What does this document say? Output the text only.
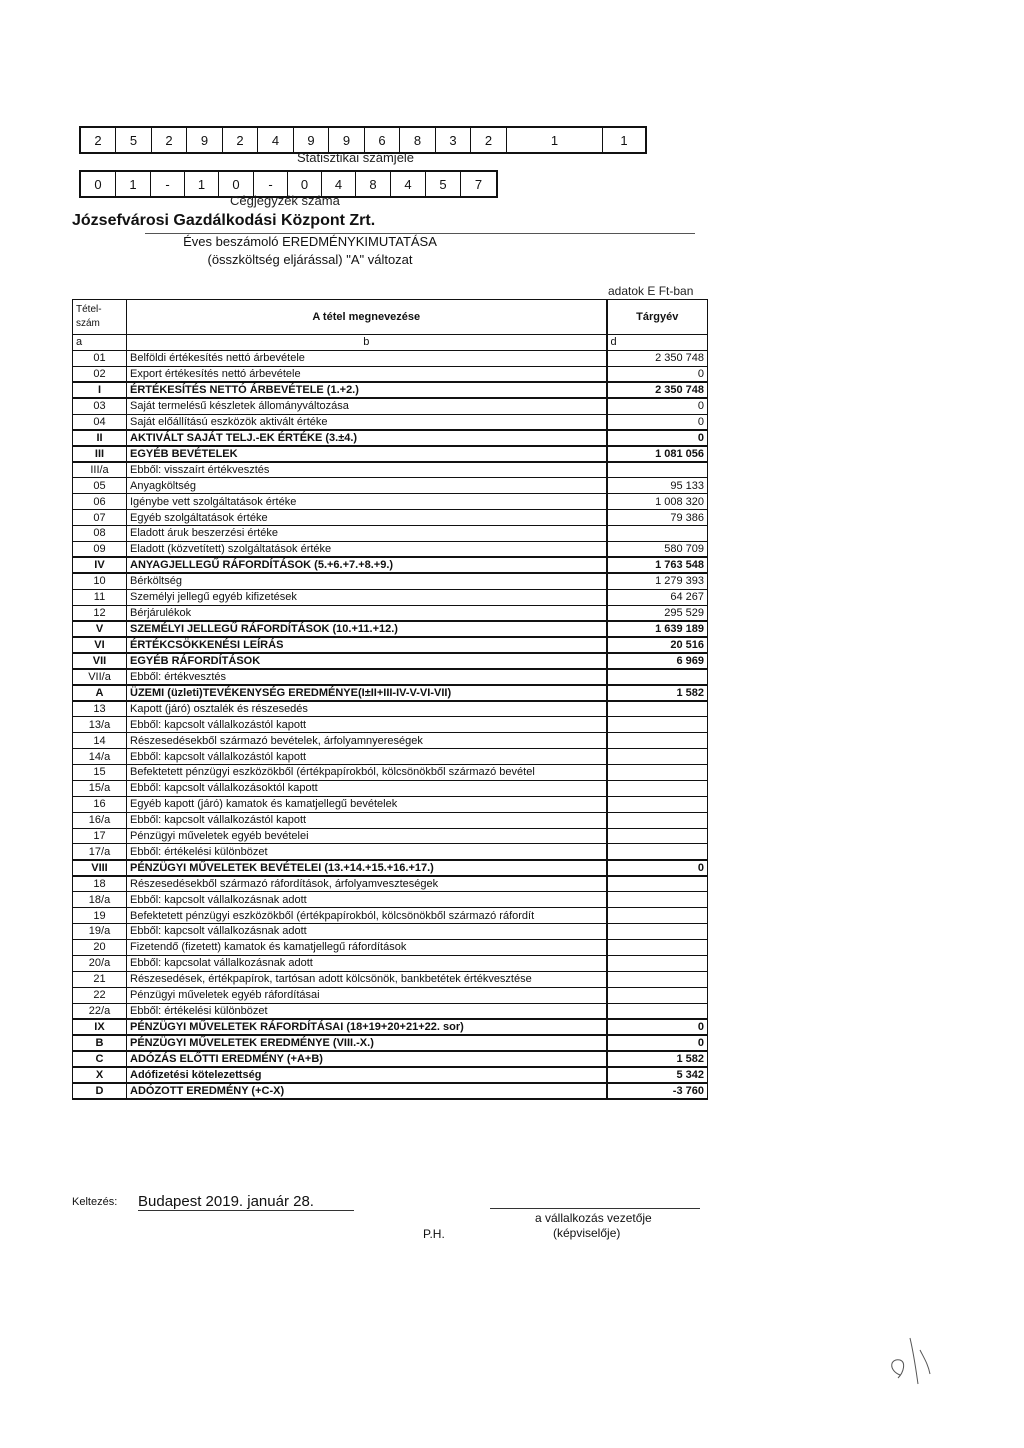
2	5	2	9	2	4	9	9	6	8	3	2	1	1
Statisztikai számjele
0	1	-	1	0	-	0	4	8	4	5	7
Cégjegyzék száma
Józsefvárosi Gazdálkodási Központ Zrt.
Éves beszámoló EREDMÉNYKIMUTATÁSA
(összköltség eljárással) "A" változat
adatok E Ft-ban
Tétel-szám	A tétel megnevezése	Tárgyév
a	b	d
01	Belföldi értékesítés nettó árbevétele	2 350 748
02	Export értékesítés nettó árbevétele	0
I	ÉRTÉKESÍTÉS NETTÓ ÁRBEVÉTELE (1.+2.)	2 350 748
03	Saját termelésű készletek állományváltozása	0
04	Saját előállítású eszközök aktivált értéke	0
II	AKTIVÁLT SAJÁT TELJ.-EK ÉRTÉKE (3.±4.)	0
III	EGYÉB BEVÉTELEK	1 081 056
III/a	Ebből: visszaírt értékvesztés	
05	Anyagköltség	95 133
06	Igénybe vett szolgáltatások értéke	1 008 320
07	Egyéb szolgáltatások értéke	79 386
08	Eladott áruk beszerzési értéke	
09	Eladott (közvetített) szolgáltatások értéke	580 709
IV	ANYAGJELLEGŰ RÁFORDÍTÁSOK (5.+6.+7.+8.+9.)	1 763 548
10	Bérköltség	1 279 393
11	Személyi jellegű egyéb kifizetések	64 267
12	Bérjárulékok	295 529
V	SZEMÉLYI JELLEGŰ RÁFORDÍTÁSOK (10.+11.+12.)	1 639 189
VI	ÉRTÉKCSÖKKENÉSI LEÍRÁS	20 516
VII	EGYÉB RÁFORDÍTÁSOK	6 969
VII/a	Ebből: értékvesztés	
A	ÜZEMI (üzleti)TEVÉKENYSÉG EREDMÉNYE(I±II+III-IV-V-VI-VII)	1 582
13	Kapott (járó) osztalék és részesedés	
13/a	Ebből: kapcsolt vállalkozástól kapott	
14	Részesedésekből származó bevételek, árfolyamnyereségek	
14/a	Ebből: kapcsolt vállalkozástól kapott	
15	Befektetett pénzügyi eszközökből (értékpapírokból, kölcsönökből származó bevétel	
15/a	Ebből: kapcsolt vállalkozásoktól kapott	
16	Egyéb kapott (járó) kamatok és kamatjellegű bevételek	
16/a	Ebből: kapcsolt vállalkozástól kapott	
17	Pénzügyi műveletek egyéb bevételei	
17/a	Ebből: értékelési különbözet	
VIII	PÉNZÜGYI MŰVELETEK BEVÉTELEI (13.+14.+15.+16.+17.)	0
18	Részesedésekből származó ráfordítások, árfolyamveszteségek	
18/a	Ebből: kapcsolt vállalkozásnak adott	
19	Befektetett pénzügyi eszközökből (értékpapírokból, kölcsönökből származó ráfordít	
19/a	Ebből: kapcsolt vállalkozásnak adott	
20	Fizetendő (fizetett) kamatok és kamatjellegű ráfordítások	
20/a	Ebből: kapcsolat vállalkozásnak adott	
21	Részesedések, értékpapírok, tartósan adott kölcsönök, bankbetétek értékvesztése	
22	Pénzügyi műveletek egyéb ráfordításai	
22/a	Ebből: értékelési különbözet	
IX	PÉNZÜGYI MŰVELETEK RÁFORDÍTÁSAI (18+19+20+21+22. sor)	0
B	PÉNZÜGYI MŰVELETEK EREDMÉNYE (VIII.-X.)	0
C	ADÓZÁS ELŐTTI EREDMÉNY (+A+B)	1 582
X	Adófizetési kötelezettség	5 342
D	ADÓZOTT EREDMÉNY (+C-X)	-3 760
Keltezés: Budapest 2019. január 28.
a vállalkozás vezetője
P.H.	(képviselője)
